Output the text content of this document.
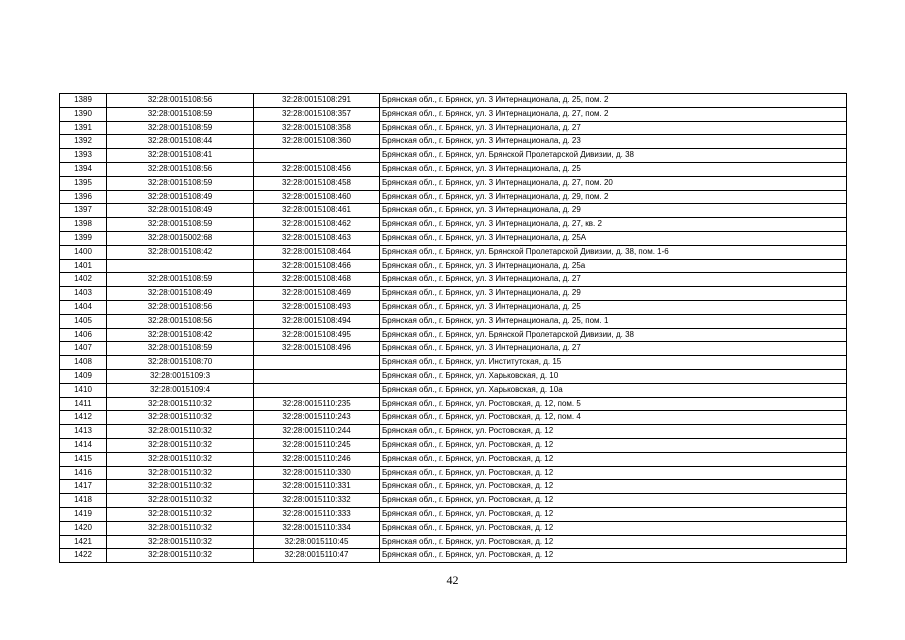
1389	32:28:0015108:56	32:28:0015108:291	Брянская обл., г. Брянск, ул. 3 Интернационала, д. 25, пом. 2
1390	32:28:0015108:59	32:28:0015108:357	Брянская обл., г. Брянск, ул. 3 Интернационала, д. 27, пом. 2
1391	32:28:0015108:59	32:28:0015108:358	Брянская обл., г. Брянск, ул. 3 Интернационала, д. 27
1392	32:28:0015108:44	32:28:0015108:360	Брянская обл., г. Брянск, ул. 3 Интернационала, д. 23
1393	32:28:0015108:41		Брянская обл., г. Брянск, ул. Брянской Пролетарской Дивизии, д. 38
1394	32:28:0015108:56	32:28:0015108:456	Брянская обл., г. Брянск, ул. 3 Интернационала, д. 25
1395	32:28:0015108:59	32:28:0015108:458	Брянская обл., г. Брянск, ул. 3 Интернационала, д. 27, пом. 20
1396	32:28:0015108:49	32:28:0015108:460	Брянская обл., г. Брянск, ул. 3 Интернационала, д. 29, пом. 2
1397	32:28:0015108:49	32:28:0015108:461	Брянская обл., г. Брянск, ул. 3 Интернационала, д. 29
1398	32:28:0015108:59	32:28:0015108:462	Брянская обл., г. Брянск, ул. 3 Интернационала, д. 27, кв. 2
1399	32:28:0015002:68	32:28:0015108:463	Брянская обл., г. Брянск, ул. 3 Интернационала, д. 25А
1400	32:28:0015108:42	32:28:0015108:464	Брянская обл., г. Брянск, ул. Брянской Пролетарской Дивизии, д. 38, пом. 1-6
1401		32:28:0015108:466	Брянская обл., г. Брянск, ул. 3 Интернационала, д. 25а
1402	32:28:0015108:59	32:28:0015108:468	Брянская обл., г. Брянск, ул. 3 Интернационала, д. 27
1403	32:28:0015108:49	32:28:0015108:469	Брянская обл., г. Брянск, ул. 3 Интернационала, д. 29
1404	32:28:0015108:56	32:28:0015108:493	Брянская обл., г. Брянск, ул. 3 Интернационала, д. 25
1405	32:28:0015108:56	32:28:0015108:494	Брянская обл., г. Брянск, ул. 3 Интернационала, д. 25, пом. 1
1406	32:28:0015108:42	32:28:0015108:495	Брянская обл., г. Брянск, ул. Брянской Пролетарской Дивизии, д. 38
1407	32:28:0015108:59	32:28:0015108:496	Брянская обл., г. Брянск, ул. 3 Интернационала, д. 27
1408	32:28:0015108:70		Брянская обл., г. Брянск, ул. Институтская, д. 15
1409	32:28:0015109:3		Брянская обл., г. Брянск, ул. Харьковская, д. 10
1410	32:28:0015109:4		Брянская обл., г. Брянск, ул. Харьковская, д. 10а
1411	32:28:0015110:32	32:28:0015110:235	Брянская обл., г. Брянск, ул. Ростовская, д. 12, пом. 5
1412	32:28:0015110:32	32:28:0015110:243	Брянская обл., г. Брянск, ул. Ростовская, д. 12, пом. 4
1413	32:28:0015110:32	32:28:0015110:244	Брянская обл., г. Брянск, ул. Ростовская, д. 12
1414	32:28:0015110:32	32:28:0015110:245	Брянская обл., г. Брянск, ул. Ростовская, д. 12
1415	32:28:0015110:32	32:28:0015110:246	Брянская обл., г. Брянск, ул. Ростовская, д. 12
1416	32:28:0015110:32	32:28:0015110:330	Брянская обл., г. Брянск, ул. Ростовская, д. 12
1417	32:28:0015110:32	32:28:0015110:331	Брянская обл., г. Брянск, ул. Ростовская, д. 12
1418	32:28:0015110:32	32:28:0015110:332	Брянская обл., г. Брянск, ул. Ростовская, д. 12
1419	32:28:0015110:32	32:28:0015110:333	Брянская обл., г. Брянск, ул. Ростовская, д. 12
1420	32:28:0015110:32	32:28:0015110:334	Брянская обл., г. Брянск, ул. Ростовская, д. 12
1421	32:28:0015110:32	32:28:0015110:45	Брянская обл., г. Брянск, ул. Ростовская, д. 12
1422	32:28:0015110:32	32:28:0015110:47	Брянская обл., г. Брянск, ул. Ростовская, д. 12
42
